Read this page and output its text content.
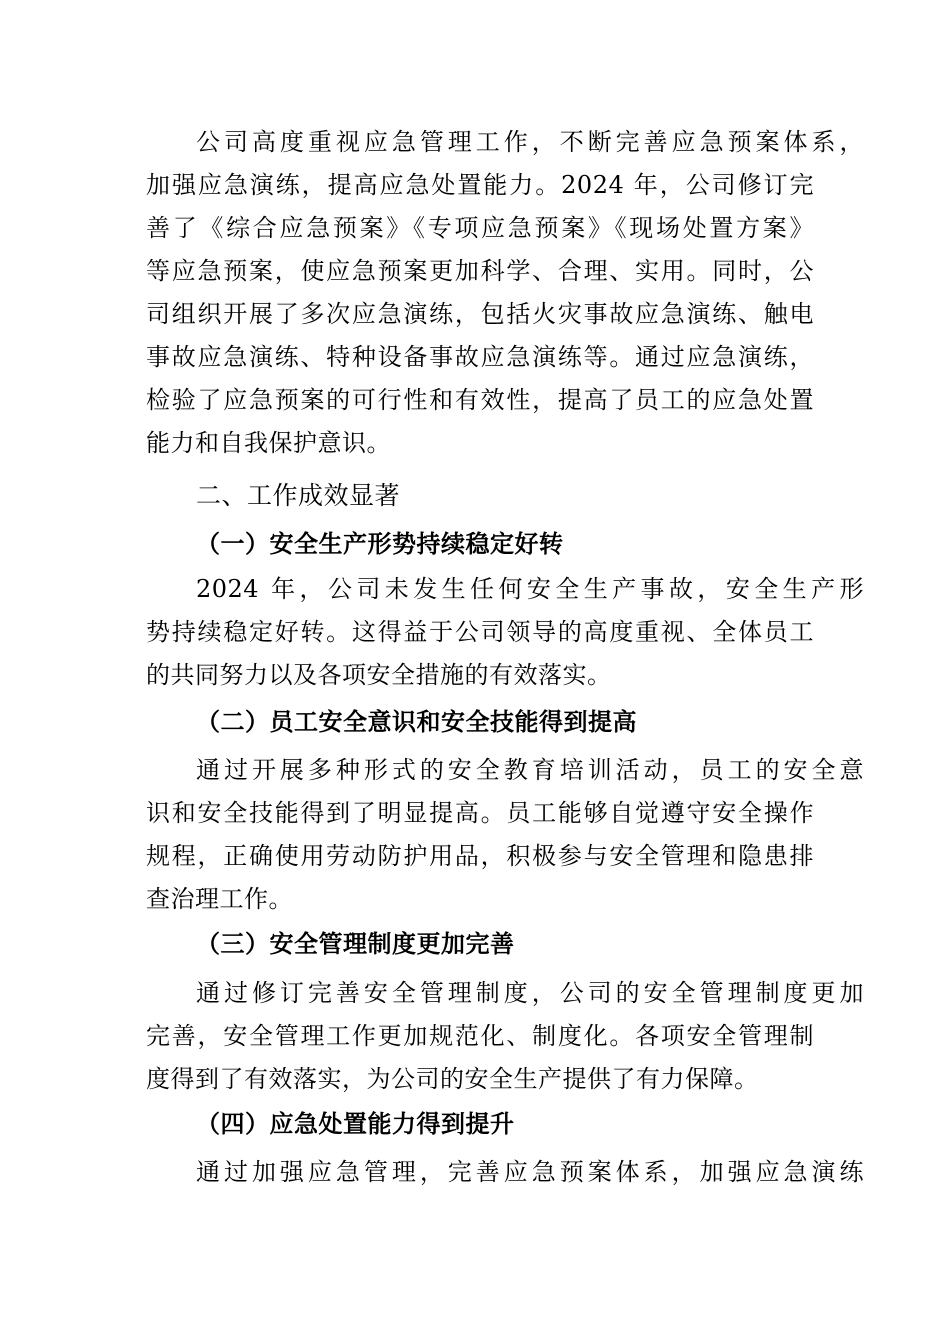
公司高度重视应急管理工作，不断完善应急预案体系，
加强应急演练，提高应急处置能力。2024 年，公司修订完
善了《综合应急预案》《专项应急预案》《现场处置方案》
等应急预案，使应急预案更加科学、合理、实用。同时，公
司组织开展了多次应急演练，包括火灾事故应急演练、触电
事故应急演练、特种设备事故应急演练等。通过应急演练，
检验了应急预案的可行性和有效性，提高了员工的应急处置
能力和自我保护意识。
二、工作成效显著
（一）安全生产形势持续稳定好转
2024 年，公司未发生任何安全生产事故，安全生产形
势持续稳定好转。这得益于公司领导的高度重视、全体员工
的共同努力以及各项安全措施的有效落实。
（二）员工安全意识和安全技能得到提高
通过开展多种形式的安全教育培训活动，员工的安全意
识和安全技能得到了明显提高。员工能够自觉遵守安全操作
规程，正确使用劳动防护用品，积极参与安全管理和隐患排
查治理工作。
（三）安全管理制度更加完善
通过修订完善安全管理制度，公司的安全管理制度更加
完善，安全管理工作更加规范化、制度化。各项安全管理制
度得到了有效落实，为公司的安全生产提供了有力保障。
（四）应急处置能力得到提升
通过加强应急管理，完善应急预案体系，加强应急演练
